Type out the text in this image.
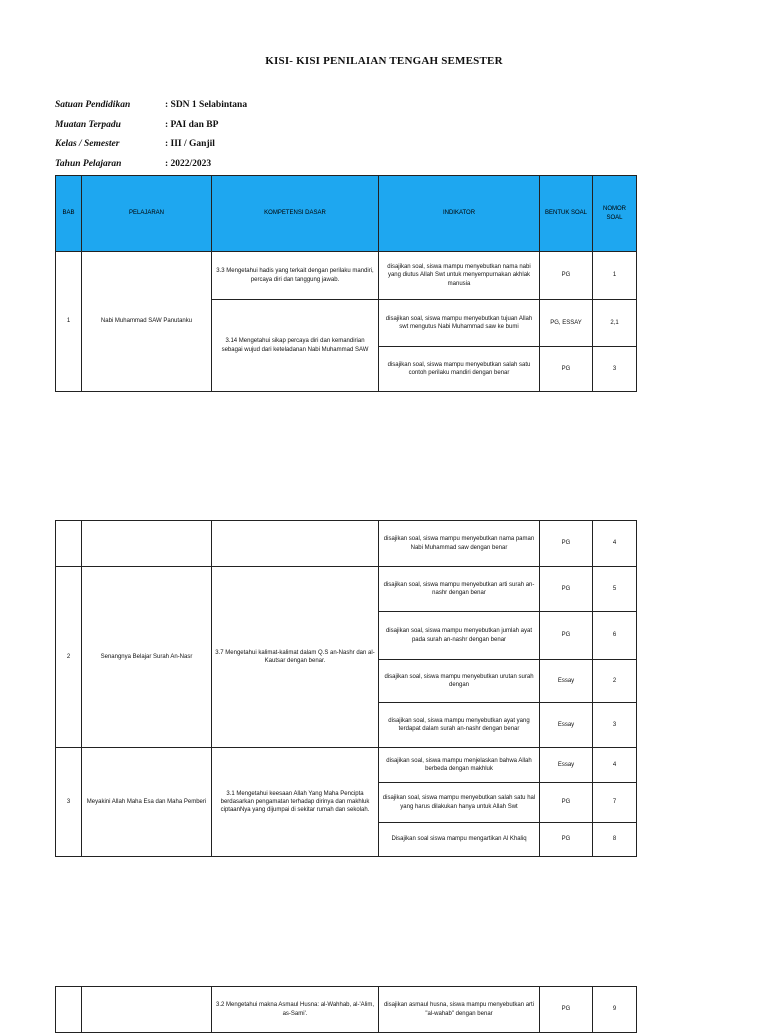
KISI- KISI PENILAIAN TENGAH SEMESTER
Satuan Pendidikan	: SDN 1 Selabintana
Muatan Terpadu	: PAI dan BP
Kelas / Semester	: III / Ganjil
Tahun Pelajaran	: 2022/2023
BAB	PELAJARAN	KOMPETENSI DASAR	INDIKATOR	BENTUK SOAL	NOMOR SOAL
1	Nabi Muhammad SAW Panutanku	3.3 Mengetahui hadis yang terkait dengan perilaku mandiri, percaya diri dan tanggung jawab.	disajikan soal, siswa mampu menyebutkan nama nabi yang diutus Allah Swt untuk menyempurnakan akhlak manusia	PG	1
		3.14 Mengetahui sikap percaya diri dan kemandirian sebagai wujud dari keteladanan Nabi Muhammad SAW	disajikan soal, siswa mampu menyebutkan tujuan Allah swt mengutus Nabi Muhammad saw ke bumi	PG, ESSAY	2,1
			disajikan soal, siswa mampu menyebutkan salah satu contoh perilaku mandiri dengan benar	PG	3
			disajikan soal, siswa mampu menyebutkan nama paman Nabi Muhammad saw dengan benar	PG	4
2	Senangnya Belajar Surah An-Nasr	3.7 Mengetahui kalimat-kalimat dalam Q.S an-Nashr dan al-Kautsar dengan benar.	disajikan soal, siswa mampu menyebutkan arti surah an-nashr dengan benar	PG	5
			disajikan soal, siswa mampu menyebutkan jumlah ayat pada surah an-nashr dengan benar	PG	6
			disajikan soal, siswa mampu menyebutkan urutan surah dengan	Essay	2
			disajikan soal, siswa mampu menyebutkan ayat yang terdapat dalam surah an-nashr dengan benar	Essay	3
3	Meyakini Allah Maha Esa dan Maha Pemberi	3.1 Mengetahui keesaan Allah Yang Maha Pencipta berdasarkan pengamatan terhadap dirinya dan makhluk ciptaanNya yang dijumpai di sekitar rumah dan sekolah.	disajikan soal, siswa mampu menjelaskan bahwa Allah berbeda dengan makhluk	Essay	4
			disajikan soal, siswa mampu menyebutkan salah satu hal yang harus dilakukan hanya untuk Allah Swt	PG	7
			Disajikan soal siswa mampu mengartikan Al Khaliq	PG	8
		3.2 Mengetahui makna Asmaul Husna: al-Wahhab, al-'Alim, as-Sami'.	disajikan asmaul husna, siswa mampu menyebutkan arti "al-wahab" dengan benar	PG	9
